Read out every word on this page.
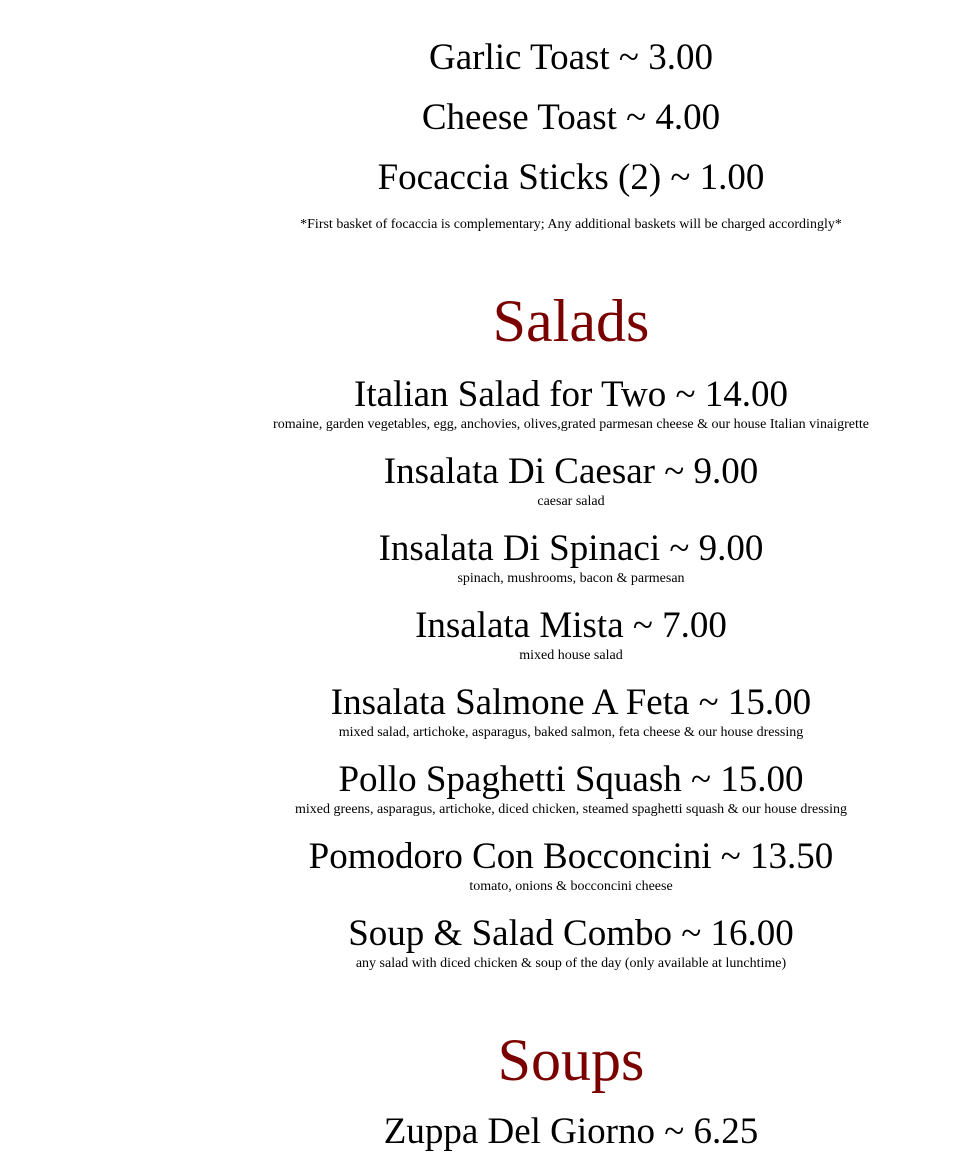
Garlic Toast ~ 3.00
Cheese Toast ~ 4.00
Focaccia Sticks (2) ~ 1.00
*First basket of focaccia is complementary; Any additional baskets will be charged accordingly*
Salads
Italian Salad for Two ~ 14.00
romaine, garden vegetables, egg, anchovies, olives,grated parmesan cheese & our house Italian vinaigrette
Insalata Di Caesar ~ 9.00
caesar salad
Insalata Di Spinaci ~ 9.00
spinach, mushrooms, bacon & parmesan
Insalata Mista ~ 7.00
mixed house salad
Insalata Salmone A Feta ~ 15.00
mixed salad, artichoke, asparagus, baked salmon, feta cheese & our house dressing
Pollo Spaghetti Squash ~ 15.00
mixed greens, asparagus, artichoke, diced chicken, steamed spaghetti squash & our house dressing
Pomodoro Con Bocconcini ~ 13.50
tomato, onions & bocconcini cheese
Soup & Salad Combo ~ 16.00
any salad with diced chicken & soup of the day (only available at lunchtime)
Soups
Zuppa Del Giorno ~ 6.25
